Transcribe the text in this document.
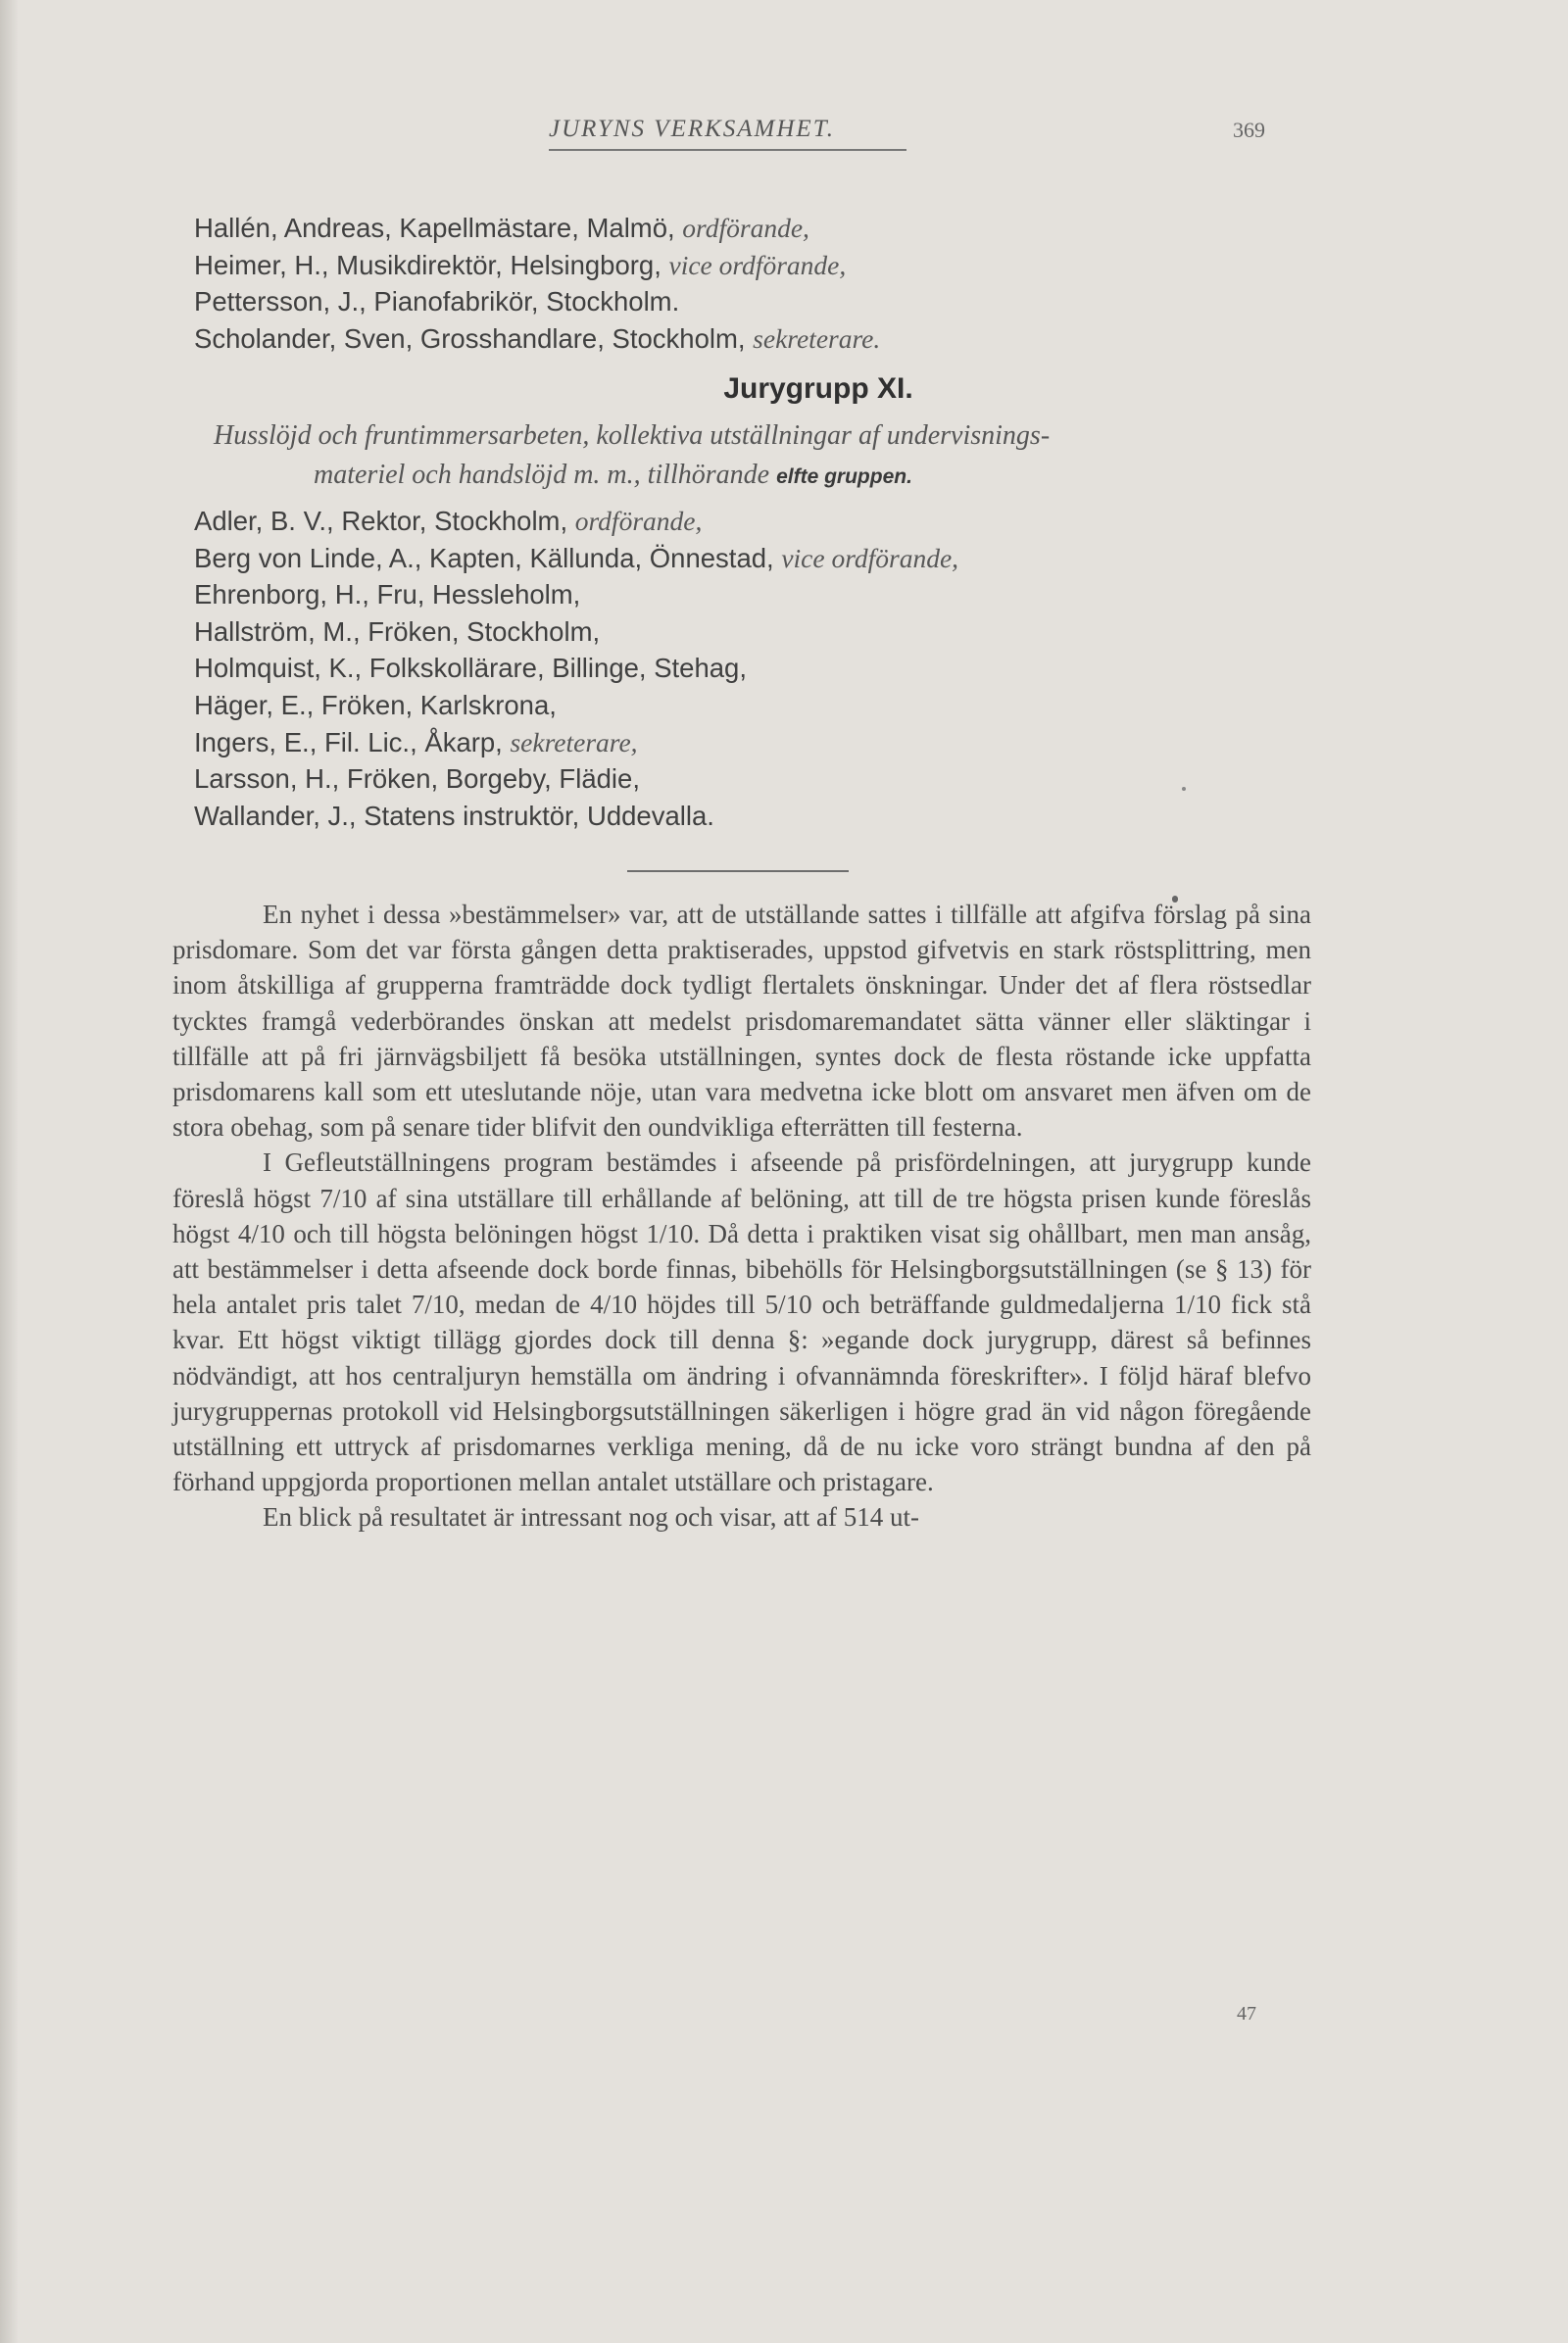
JURYNS VERKSAMHET.	369
Hallén, Andreas, Kapellmästare, Malmö, ordförande,
Heimer, H., Musikdirektör, Helsingborg, vice ordförande,
Pettersson, J., Pianofabrikör, Stockholm.
Scholander, Sven, Grosshandlare, Stockholm, sekreterare.
Jurygrupp XI.
Husslöjd och fruntimmersarbeten, kollektiva utställningar af undervisnings-
materiel och handslöjd m. m., tillhörande elfte gruppen.
Adler, B. V., Rektor, Stockholm, ordförande,
Berg von Linde, A., Kapten, Källunda, Önnestad, vice ordförande,
Ehrenborg, H., Fru, Hessleholm,
Hallström, M., Fröken, Stockholm,
Holmquist, K., Folkskollärare, Billinge, Stehag,
Häger, E., Fröken, Karlskrona,
Ingers, E., Fil. Lic., Åkarp, sekreterare,
Larsson, H., Fröken, Borgeby, Flädie,
Wallander, J., Statens instruktör, Uddevalla.

En nyhet i dessa »bestämmelser» var, att de utställande sattes i tillfälle att afgifva förslag på sina prisdomare. Som det var första gången detta praktiserades, uppstod gifvetvis en stark röstsplittring, men inom åtskilliga af grupperna framträdde dock tydligt flertalets önskningar. Under det af flera röstsedlar tycktes framgå vederbörandes önskan att medelst prisdomaremandatet sätta vänner eller släktingar i tillfälle att på fri järnvägsbiljett få besöka utställningen, syntes dock de flesta röstande icke uppfatta prisdomarens kall som ett uteslutande nöje, utan vara medvetna icke blott om ansvaret men äfven om de stora obehag, som på senare tider blifvit den oundvikliga efterrätten till festerna.

I Gefleutställningens program bestämdes i afseende på prisfördelningen, att jurygrupp kunde föreslå högst 7/10 af sina utställare till erhållande af belöning, att till de tre högsta prisen kunde föreslås högst 4/10 och till högsta belöningen högst 1/10. Då detta i praktiken visat sig ohållbart, men man ansåg, att bestämmelser i detta afseende dock borde finnas, bibehölls för Helsingborgsutställningen (se § 13) för hela antalet pris talet 7/10, medan de 4/10 höjdes till 5/10 och beträffande guldmedaljerna 1/10 fick stå kvar. Ett högst viktigt tillägg gjordes dock till denna §: »egande dock jurygrupp, därest så befinnes nödvändigt, att hos centraljuryn hemställa om ändring i ofvannämnda föreskrifter». I följd häraf blefvo jurygruppernas protokoll vid Helsingborgsutställningen säkerligen i högre grad än vid någon föregående utställning ett uttryck af prisdomarnes verkliga mening, då de nu icke voro strängt bundna af den på förhand uppgjorda proportionen mellan antalet utställare och pristagare.

En blick på resultatet är intressant nog och visar, att af 514 ut-

47
